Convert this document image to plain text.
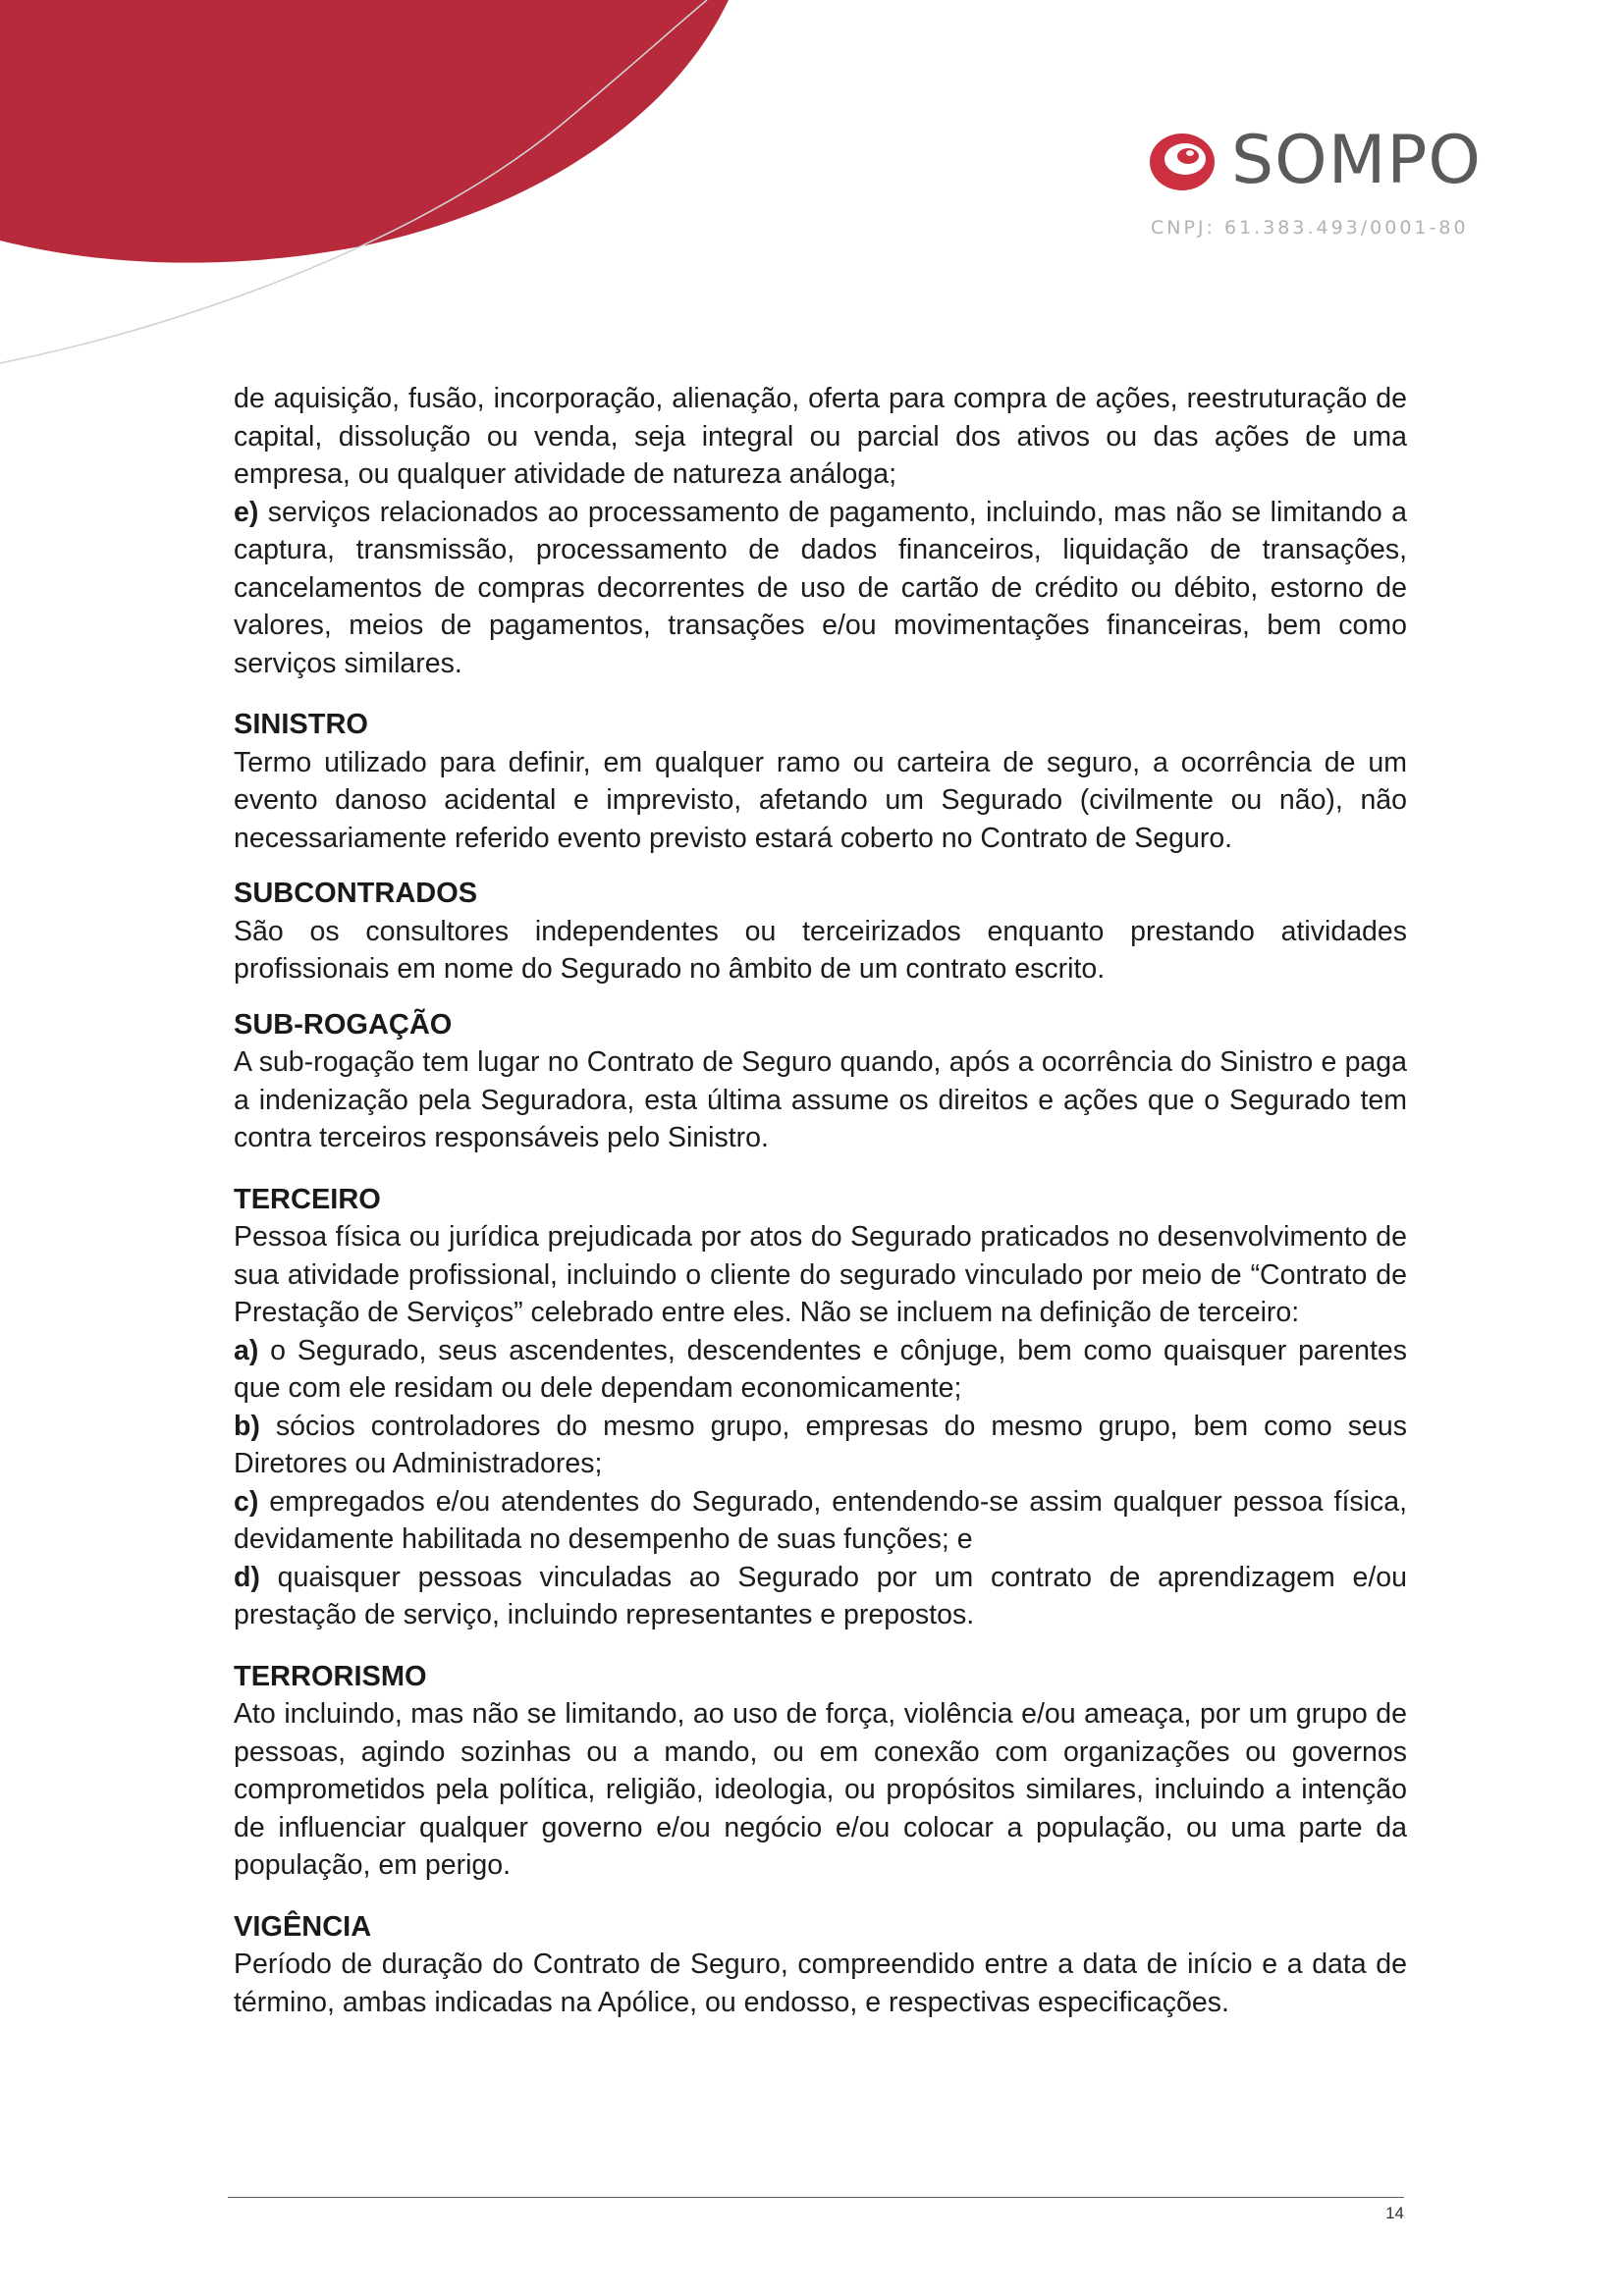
SOMPO
CNPJ: 61.383.493/0001-80

de aquisição, fusão, incorporação, alienação, oferta para compra de ações, reestruturação de capital, dissolução ou venda, seja integral ou parcial dos ativos ou das ações de uma empresa, ou qualquer atividade de natureza análoga;

e) serviços relacionados ao processamento de pagamento, incluindo, mas não se limitando a captura, transmissão, processamento de dados financeiros, liquidação de transações, cancelamentos de compras decorrentes de uso de cartão de crédito ou débito, estorno de valores, meios de pagamentos, transações e/ou movimentações financeiras, bem como serviços similares.

SINISTRO

Termo utilizado para definir, em qualquer ramo ou carteira de seguro, a ocorrência de um evento danoso acidental e imprevisto, afetando um Segurado (civilmente ou não), não necessariamente referido evento previsto estará coberto no Contrato de Seguro.

SUBCONTRADOS

São os consultores independentes ou terceirizados enquanto prestando atividades profissionais em nome do Segurado no âmbito de um contrato escrito.

SUB-ROGAÇÃO

A sub-rogação tem lugar no Contrato de Seguro quando, após a ocorrência do Sinistro e paga a indenização pela Seguradora, esta última assume os direitos e ações que o Segurado tem contra terceiros responsáveis pelo Sinistro.

TERCEIRO

Pessoa física ou jurídica prejudicada por atos do Segurado praticados no desenvolvimento de sua atividade profissional, incluindo o cliente do segurado vinculado por meio de “Contrato de Prestação de Serviços” celebrado entre eles. Não se incluem na definição de terceiro:

a) o Segurado, seus ascendentes, descendentes e cônjuge, bem como quaisquer parentes que com ele residam ou dele dependam economicamente;

b) sócios controladores do mesmo grupo, empresas do mesmo grupo, bem como seus Diretores ou Administradores;

c) empregados e/ou atendentes do Segurado, entendendo-se assim qualquer pessoa física, devidamente habilitada no desempenho de suas funções; e

d) quaisquer pessoas vinculadas ao Segurado por um contrato de aprendizagem e/ou prestação de serviço, incluindo representantes e prepostos.

TERRORISMO

Ato incluindo, mas não se limitando, ao uso de força, violência e/ou ameaça, por um grupo de pessoas, agindo sozinhas ou a mando, ou em conexão com organizações ou governos comprometidos pela política, religião, ideologia, ou propósitos similares, incluindo a intenção de influenciar qualquer governo e/ou negócio e/ou colocar a população, ou uma parte da população, em perigo.

VIGÊNCIA

Período de duração do Contrato de Seguro, compreendido entre a data de início e a data de término, ambas indicadas na Apólice, ou endosso, e respectivas especificações.

14
